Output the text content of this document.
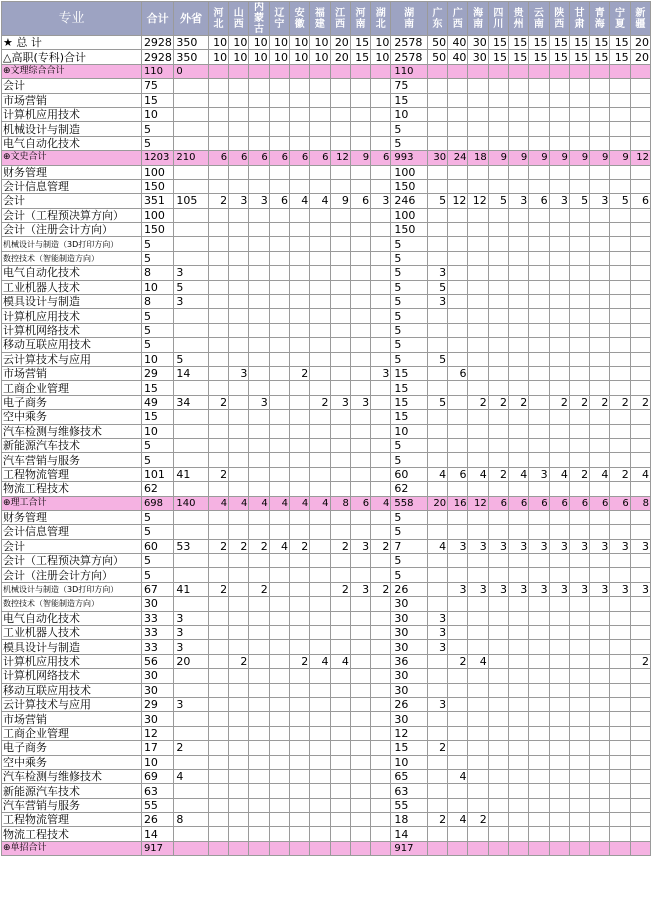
专业	合计	外省	河北	山西	内蒙古	辽宁	安徽	福建	江西	河南	湖北	湖南	广东	广西	海南	四川	贵州	云南	陕西	甘肃	青海	宁夏	新疆
★ 总 计	2928	350	10	10	10	10	10	10	20	15	10	2578	50	40	30	15	15	15	15	15	15	15	20
△高职(专科)合计	2928	350	10	10	10	10	10	10	20	15	10	2578	50	40	30	15	15	15	15	15	15	15	20
⊕文理综合合计	110	0										110											
会计	75											75											
市场营销	15											15											
计算机应用技术	10											10											
机械设计与制造	5											5											
电气自动化技术	5											5											
⊕文史合计	1203	210	6	6	6	6	6	6	12	9	6	993	30	24	18	9	9	9	9	9	9	9	12
财务管理	100											100											
会计信息管理	150											150											
会计	351	105	2	3	3	6	4	4	9	6	3	246	5	12	12	5	3	6	3	5	3	5	6
会计（工程预决算方向）	100											100											
会计（注册会计方向）	150											150											
机械设计与制造（3D打印方向）	5											5											
数控技术（智能制造方向）	5											5											
电气自动化技术	8	3										5	3										
工业机器人技术	10	5										5	5										
模具设计与制造	8	3										5	3										
计算机应用技术	5											5											
计算机网络技术	5											5											
移动互联应用技术	5											5											
云计算技术与应用	10	5										5	5										
市场营销	29	14		3			2				3	15		6									
工商企业管理	15											15											
电子商务	49	34	2		3			2	3	3		15	5		2	2	2		2	2	2	2	2
空中乘务	15											15											
汽车检测与维修技术	10											10											
新能源汽车技术	5											5											
汽车营销与服务	5											5											
工程物流管理	101	41	2									60	4	6	4	2	4	3	4	2	4	2	4
物流工程技术	62											62											
⊕理工合计	698	140	4	4	4	4	4	4	8	6	4	558	20	16	12	6	6	6	6	6	6	6	8
财务管理	5											5											
会计信息管理	5											5											
会计	60	53	2	2	2	4	2		2	3	2	7	4	3	3	3	3	3	3	3	3	3	3
会计（工程预决算方向）	5											5											
会计（注册会计方向）	5											5											
机械设计与制造（3D打印方向）	67	41	2		2				2	3	2	26		3	3	3	3	3	3	3	3	3	3
数控技术（智能制造方向）	30											30											
电气自动化技术	33	3										30	3										
工业机器人技术	33	3										30	3										
模具设计与制造	33	3										30	3										
计算机应用技术	56	20		2			2	4	4			36		2	4								2
计算机网络技术	30											30											
移动互联应用技术	30											30											
云计算技术与应用	29	3										26	3										
市场营销	30											30											
工商企业管理	12											12											
电子商务	17	2										15	2										
空中乘务	10											10											
汽车检测与维修技术	69	4										65		4									
新能源汽车技术	63											63											
汽车营销与服务	55											55											
工程物流管理	26	8										18	2	4	2								
物流工程技术	14											14											
⊕单招合计	917											917											
